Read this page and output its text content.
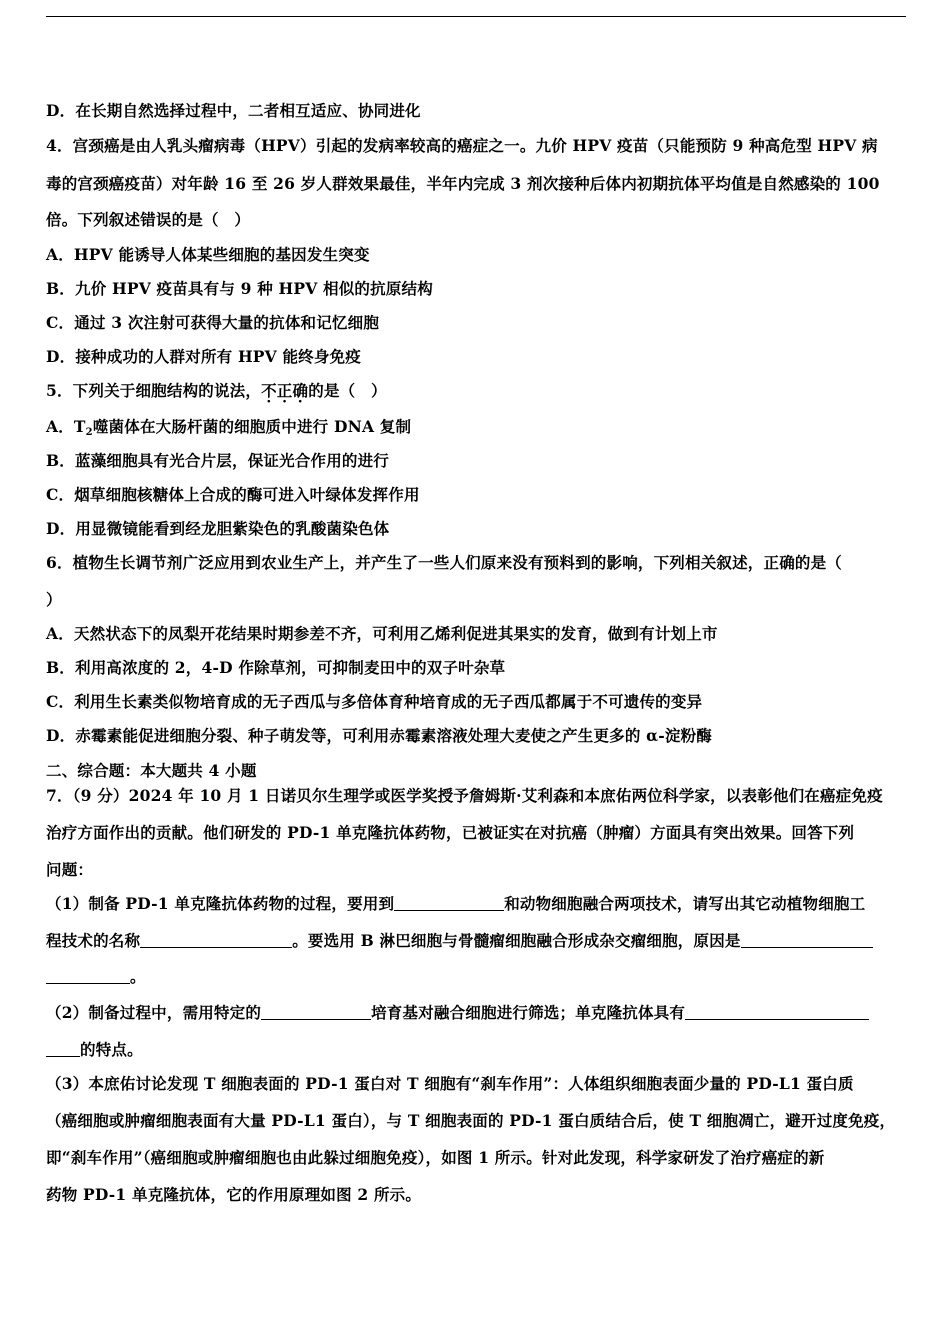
D．在长期自然选择过程中，二者相互适应、协同进化
4．宫颈癌是由人乳头瘤病毒（HPV）引起的发病率较高的癌症之一。九价 HPV 疫苗（只能预防 9 种高危型 HPV 病
毒的宫颈癌疫苗）对年龄 16 至 26 岁人群效果最佳，半年内完成 3 剂次接种后体内初期抗体平均值是自然感染的 100
倍。下列叙述错误的是（　）
A．HPV 能诱导人体某些细胞的基因发生突变
B．九价 HPV 疫苗具有与 9 种 HPV 相似的抗原结构
C．通过 3 次注射可获得大量的抗体和记忆细胞
D．接种成功的人群对所有 HPV 能终身免疫
5．下列关于细胞结构的说法，不正确的是（　）
A．$T_2$噬菌体在大肠杆菌的细胞质中进行 DNA 复制
B．蓝藻细胞具有光合片层，保证光合作用的进行
C．烟草细胞核糖体上合成的酶可进入叶绿体发挥作用
D．用显微镜能看到经龙胆紫染色的乳酸菌染色体
6．植物生长调节剂广泛应用到农业生产上，并产生了一些人们原来没有预料到的影响，下列相关叙述，正确的是（
）
A．天然状态下的凤梨开花结果时期参差不齐，可利用乙烯利促进其果实的发育，做到有计划上市
B．利用高浓度的 2，4-D 作除草剂，可抑制麦田中的双子叶杂草
C．利用生长素类似物培育成的无子西瓜与多倍体育种培育成的无子西瓜都属于不可遗传的变异
D．赤霉素能促进细胞分裂、种子萌发等，可利用赤霉素溶液处理大麦使之产生更多的 α-淀粉酶
二、综合题：本大题共 4 小题
7．（9 分）2024 年 10 月 1 日诺贝尔生理学或医学奖授予詹姆斯·艾利森和本庶佑两位科学家，以表彰他们在癌症免疫
治疗方面作出的贡献。他们研发的 PD-1 单克隆抗体药物，已被证实在对抗癌（肿瘤）方面具有突出效果。回答下列
问题：
（1）制备 PD-1 单克隆抗体药物的过程，要用到	和动物细胞融合两项技术，请写出其它动植物细胞工
程技术的名称	。要选用 B 淋巴细胞与骨髓瘤细胞融合形成杂交瘤细胞，原因是
。
（2）制备过程中，需用特定的	培育基对融合细胞进行筛选；单克隆抗体具有
的特点。
（3）本庶佑讨论发现 T 细胞表面的 PD-1 蛋白对 T 细胞有“刹车作用”：人体组织细胞表面少量的 PD-L1 蛋白质
（癌细胞或肿瘤细胞表面有大量 PD-L1 蛋白），与 T 细胞表面的 PD-1 蛋白质结合后，使 T 细胞凋亡，避开过度免疫，
即“刹车作用”（癌细胞或肿瘤细胞也由此躲过细胞免疫），如图 1 所示。针对此发现，科学家研发了治疗癌症的新
药物 PD-1 单克隆抗体，它的作用原理如图 2 所示。
